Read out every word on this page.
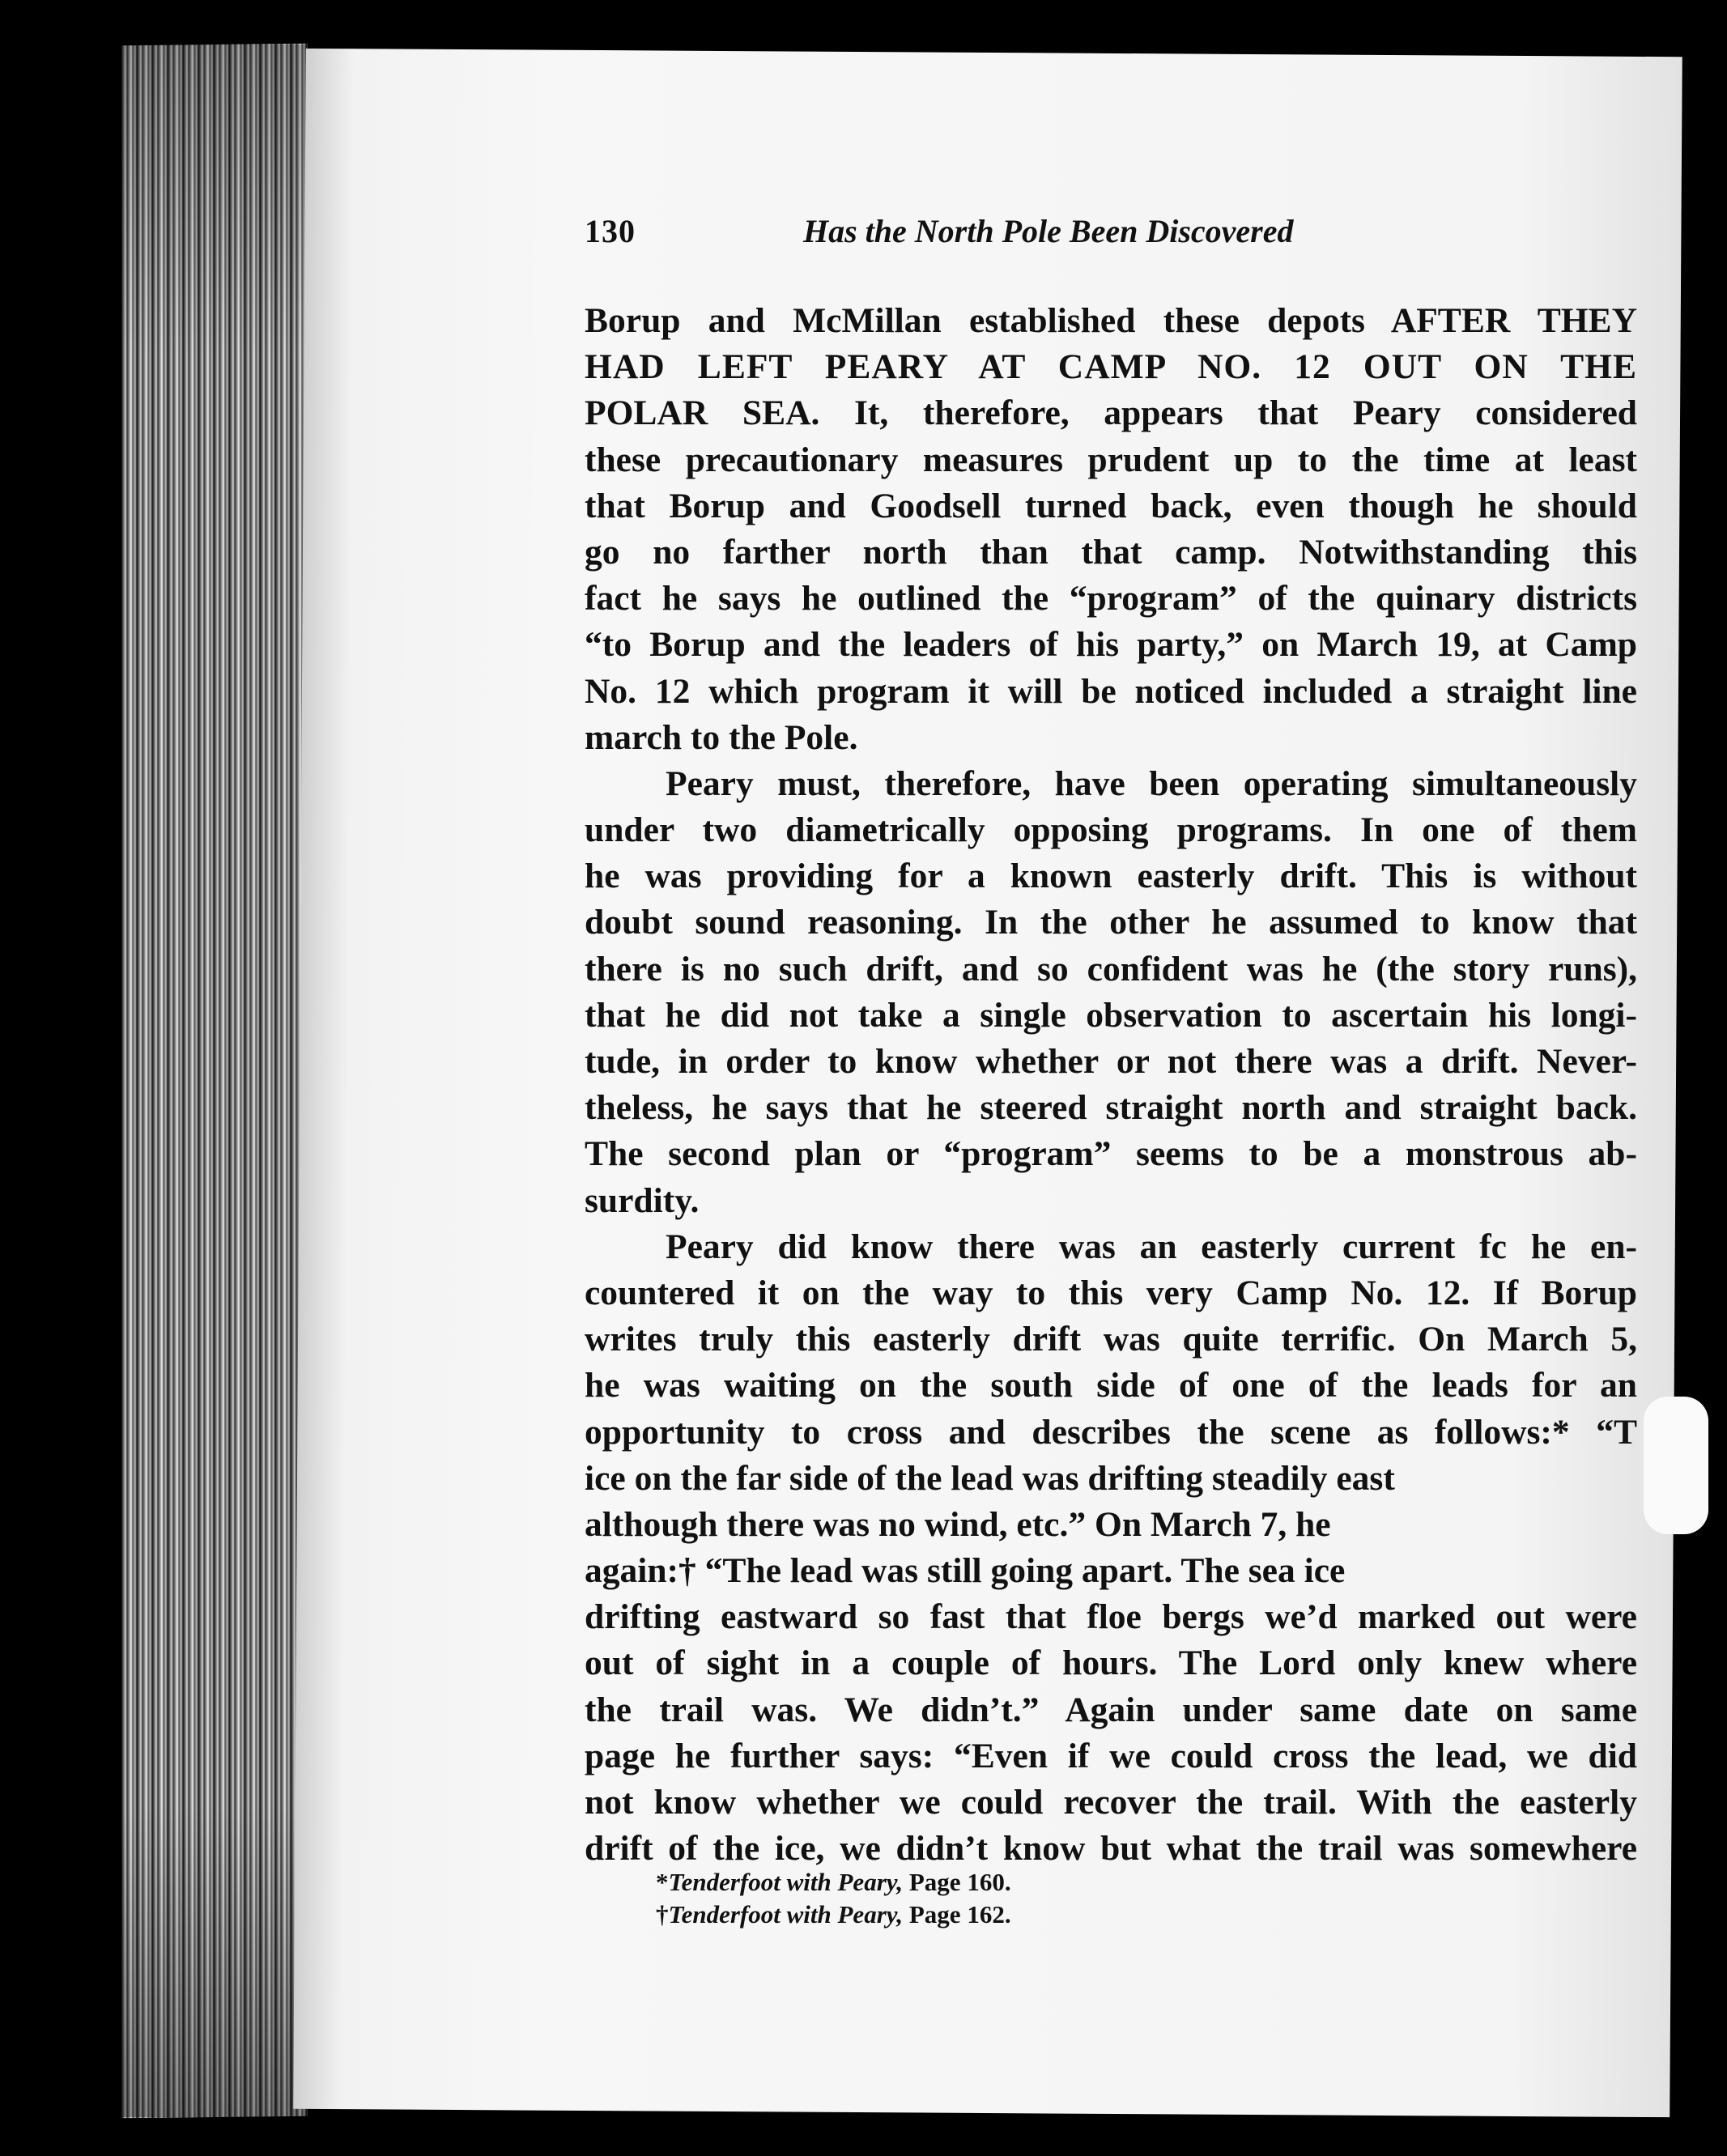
130	Has the North Pole Been Discovered
Borup and McMillan established these depots AFTER THEY
HAD LEFT PEARY AT CAMP NO. 12 OUT ON THE
POLAR SEA. It, therefore, appears that Peary considered
these precautionary measures prudent up to the time at least
that Borup and Goodsell turned back, even though he should
go no farther north than that camp. Notwithstanding this
fact he says he outlined the “program” of the quinary districts
“to Borup and the leaders of his party,” on March 19, at Camp
No. 12 which program it will be noticed included a straight line
march to the Pole.
Peary must, therefore, have been operating simultaneously
under two diametrically opposing programs. In one of them
he was providing for a known easterly drift. This is without
doubt sound reasoning. In the other he assumed to know that
there is no such drift, and so confident was he (the story runs),
that he did not take a single observation to ascertain his longi-
tude, in order to know whether or not there was a drift. Never-
theless, he says that he steered straight north and straight back.
The second plan or “program” seems to be a monstrous ab-
surdity.
Peary did know there was an easterly current fc he en-
countered it on the way to this very Camp No. 12. If Borup
writes truly this easterly drift was quite terrific. On March 5,
he was waiting on the south side of one of the leads for an
opportunity to cross and describes the scene as follows:* “T
ice on the far side of the lead was drifting steadily east
although there was no wind, etc.” On March 7, he
again:† “The lead was still going apart. The sea ice
drifting eastward so fast that floe bergs we’d marked out were
out of sight in a couple of hours. The Lord only knew where
the trail was. We didn’t.” Again under same date on same
page he further says: “Even if we could cross the lead, we did
not know whether we could recover the trail. With the easterly
drift of the ice, we didn’t know but what the trail was somewhere
*Tenderfoot with Peary, Page 160.
†Tenderfoot with Peary, Page 162.
